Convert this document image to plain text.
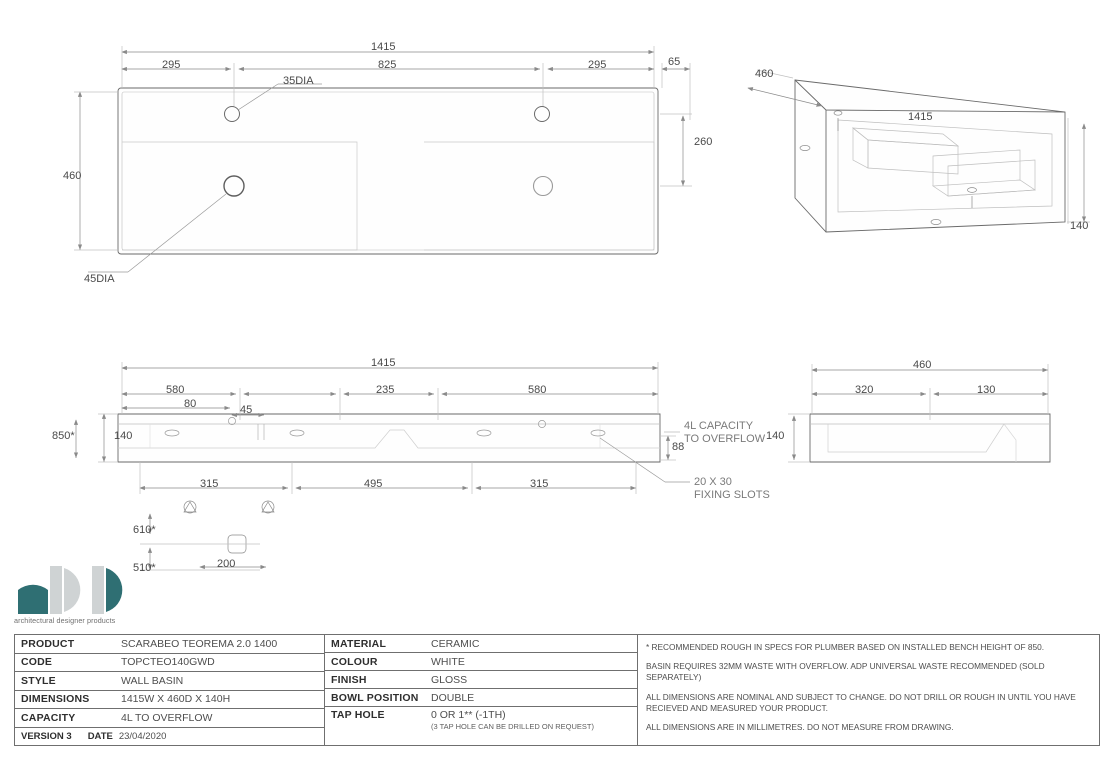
1415
295	825	295	65
260
460
35DIA
45DIA
460
1415
140
1415
580	235	580
80	45
140
850*
88
315	495	315
610*
510*	200
4L CAPACITY
TO OVERFLOW
20 X 30
FIXING SLOTS
460
320	130
140
architectural designer products
PRODUCT	SCARABEO TEOREMA 2.0 1400
CODE	TOPCTEO140GWD
STYLE	WALL BASIN
DIMENSIONS	1415W X 460D X 140H
CAPACITY	4L TO OVERFLOW
VERSION 3 DATE 23/04/2020
MATERIAL	CERAMIC
COLOUR	WHITE
FINISH	GLOSS
BOWL POSITION	DOUBLE
TAP HOLE	0 OR 1** (-1TH)
(3 TAP HOLE CAN BE DRILLED ON REQUEST)
* RECOMMENDED ROUGH IN SPECS FOR PLUMBER BASED ON INSTALLED BENCH HEIGHT OF 850.
BASIN REQUIRES 32MM WASTE WITH OVERFLOW. ADP UNIVERSAL WASTE RECOMMENDED (SOLD SEPARATELY)
ALL DIMENSIONS ARE NOMINAL AND SUBJECT TO CHANGE. DO NOT DRILL OR ROUGH IN UNTIL YOU HAVE RECIEVED AND MEASURED YOUR PRODUCT.
ALL DIMENSIONS ARE IN MILLIMETRES. DO NOT MEASURE FROM DRAWING.
